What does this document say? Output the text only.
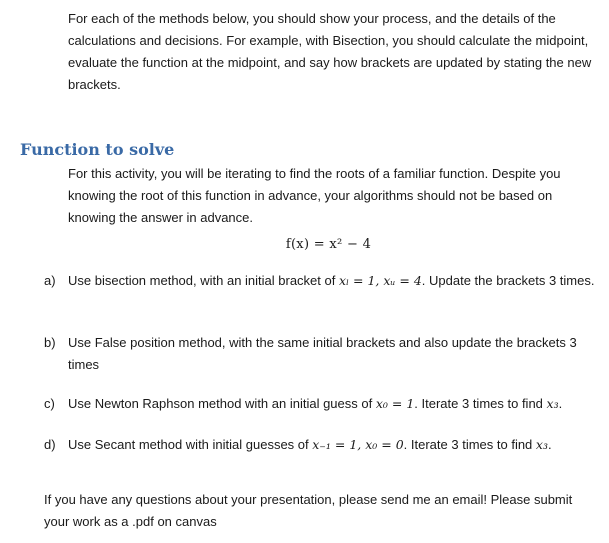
For each of the methods below, you should show your process, and the details of the calculations and decisions. For example, with Bisection, you should calculate the midpoint, evaluate the function at the midpoint, and say how brackets are updated by stating the new brackets.

Function to solve

For this activity, you will be iterating to find the roots of a familiar function. Despite you knowing the root of this function in advance, your algorithms should not be based on knowing the answer in advance.

f(x) = x² − 4
a) Use bisection method, with an initial bracket of xₗ = 1, xᵤ = 4. Update the brackets 3 times.
b) Use False position method, with the same initial brackets and also update the brackets 3 times
c) Use Newton Raphson method with an initial guess of x₀ = 1. Iterate 3 times to find x₃.
d) Use Secant method with initial guesses of x₋₁ = 1, x₀ = 0. Iterate 3 times to find x₃.

If you have any questions about your presentation, please send me an email! Please submit your work as a .pdf on canvas
